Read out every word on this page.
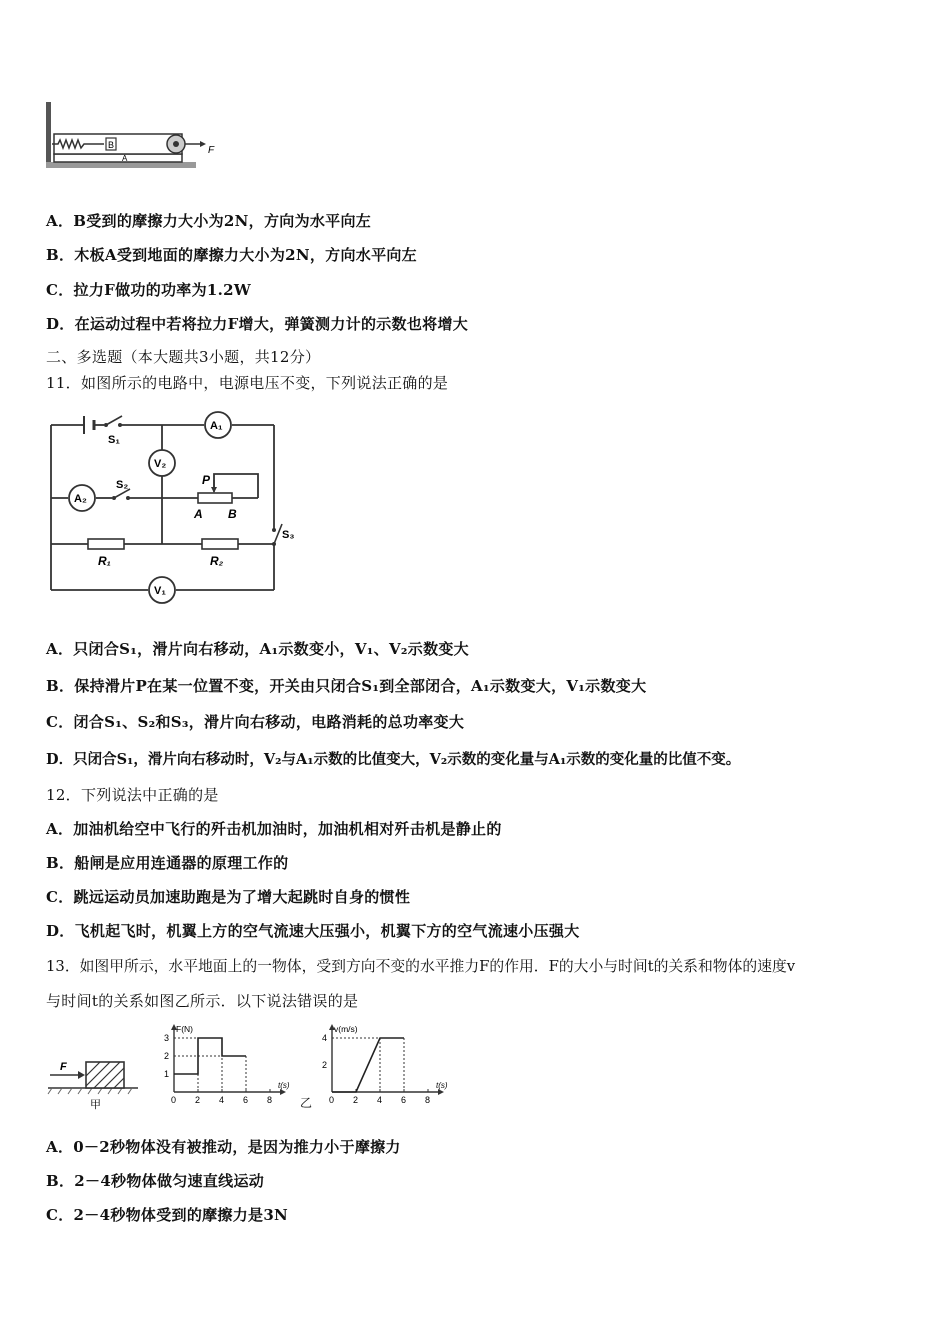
B
A
F
A．B受到的摩擦力大小为2N，方向为水平向左
B．木板A受到地面的摩擦力大小为2N，方向水平向左
C．拉力F做功的功率为1.2W
D．在运动过程中若将拉力F增大，弹簧测力计的示数也将增大
二、多选题（本大题共3小题，共12分）
11．如图所示的电路中，电源电压不变，下列说法正确的是
S₁
A₁
V₂
A₂
S₂	P
A B
S₃
R₁	R₂
V₁
A．只闭合S₁，滑片向右移动，A₁示数变小，V₁、V₂示数变大
B．保持滑片P在某一位置不变，开关由只闭合S₁到全部闭合，A₁示数变大，V₁示数变大
C．闭合S₁、S₂和S₃，滑片向右移动，电路消耗的总功率变大
D．只闭合S₁，滑片向右移动时，V₂与A₁示数的比值变大，V₂示数的变化量与A₁示数的变化量的比值不变。
12．下列说法中正确的是
A．加油机给空中飞行的歼击机加油时，加油机相对歼击机是静止的
B．船闸是应用连通器的原理工作的
C．跳远运动员加速助跑是为了增大起跳时自身的惯性
D．飞机起飞时，机翼上方的空气流速大压强小，机翼下方的空气流速小压强大
13．如图甲所示，水平地面上的一物体，受到方向不变的水平推力F的作用．F的大小与时间t的关系和物体的速度v
与时间t的关系如图乙所示．以下说法错误的是
F
甲
F(N)
t(s)
0 2 4 6 8
1
2
3
v(m/s)
t(s)
0 2 4 6 8
2
4
乙
A．0－2秒物体没有被推动，是因为推力小于摩擦力
B．2－4秒物体做匀速直线运动
C．2－4秒物体受到的摩擦力是3N
